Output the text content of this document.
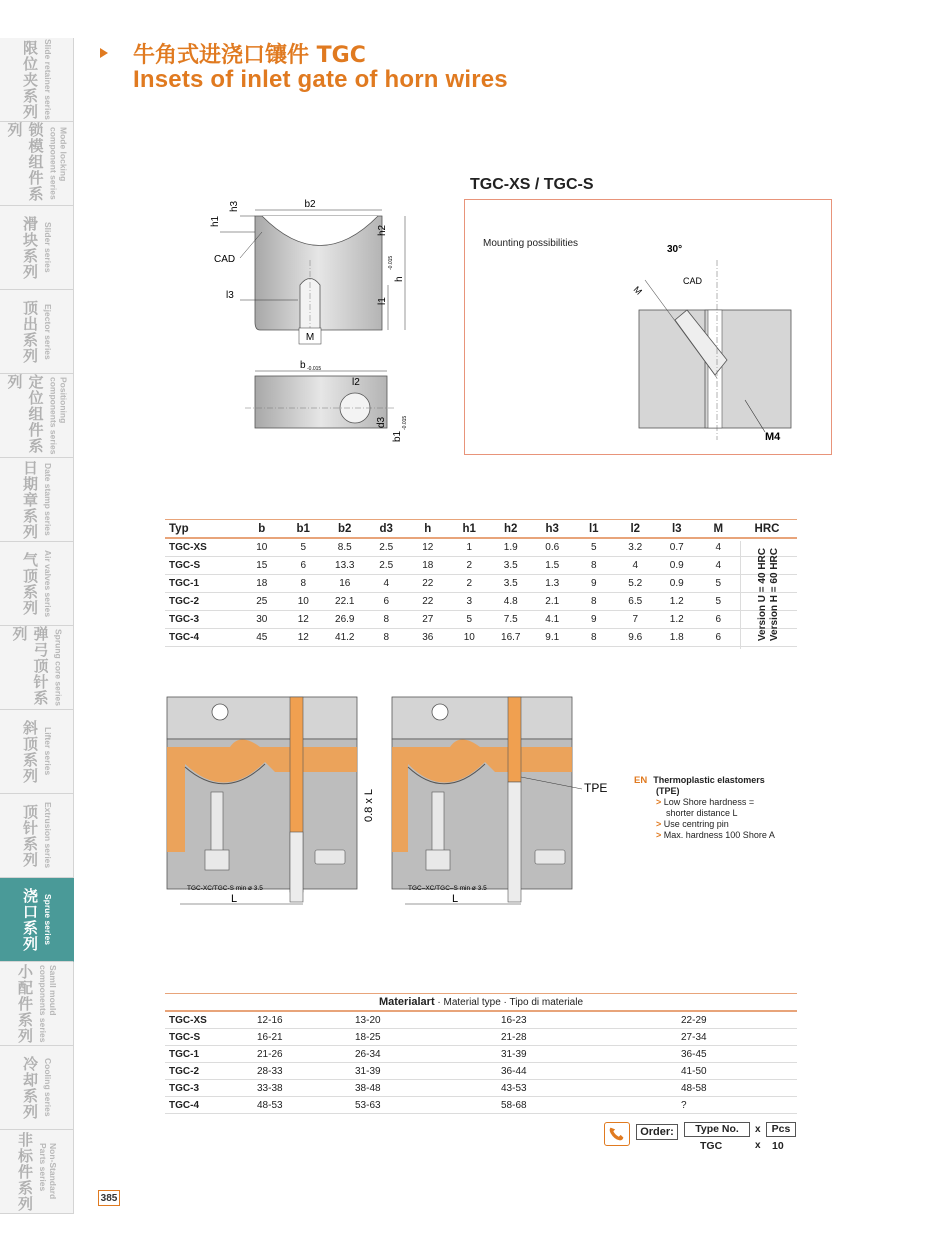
限位夹系列 Slide retainer series
锁模组件系列	Mode locking
component series
滑块系列 Slider series
顶出系列 Ejector series
定位组件系列	Positioning
components series
日期章系列 Date stamp series
气顶系列 Air valves series
弹弓顶针系列	Sprung core series
斜顶系列 Lifter series
顶针系列 Extrusion series
浇口系列 Sprue series
小配件系列	Samll mould
components series
冷却系列 Cooling series
非标件系列	Non-Standard
Parts series
385
牛角式进浇口镶件 TGC
Insets of inlet gate of horn wires
b2
h1
h3
CAD
h2
h
-0.015
l1
l3
M
b -0.015
l2
d3
b1
-0.015
TGC-XS / TGC-S
Mounting possibilities
30°
CAD
M
M4
Typ	b	b1	b2	d3	h	h1	h2	h3	l1	l2	l3	M	HRC
TGC-XS	10	5	8.5	2.5	12	1	1.9	0.6	5	3.2	0.7	4
TGC-S	15	6	13.3	2.5	18	2	3.5	1.5	8	4	0.9	4
TGC-1	18	8	16	4	22	2	3.5	1.3	9	5.2	0.9	5
TGC-2	25	10	22.1	6	22	3	4.8	2.1	8	6.5	1.2	5
TGC-3	30	12	26.9	8	27	5	7.5	4.1	9	7	1.2	6
TGC-4	45	12	41.2	8	36	10	16.7	9.1	8	9.6	1.8	6	Version U = 40 HRC
Version H = 60 HRC
L
TGC-XC/TGC-S min ø 3.5
0.8 x L
TPE
L
TGC–XC/TGC–S min ø 3.5
EN Thermoplastic elastomers
(TPE)
> Low Shore hardness =
shorter distance L
> Use centring pin
> Max. hardness 100 Shore A
Materialart · Material type · Tipo di materiale
TGC-XS	12-16	13-20	16-23	22-29
TGC-S	16-21	18-25	21-28	27-34
TGC-1	21-26	26-34	31-39	36-45
TGC-2	28-33	31-39	36-44	41-50
TGC-3	33-38	38-48	43-53	48-58
TGC-4	48-53	53-63	58-68	?
Order:	Type No.	x	Pcs
TGC	x 10
